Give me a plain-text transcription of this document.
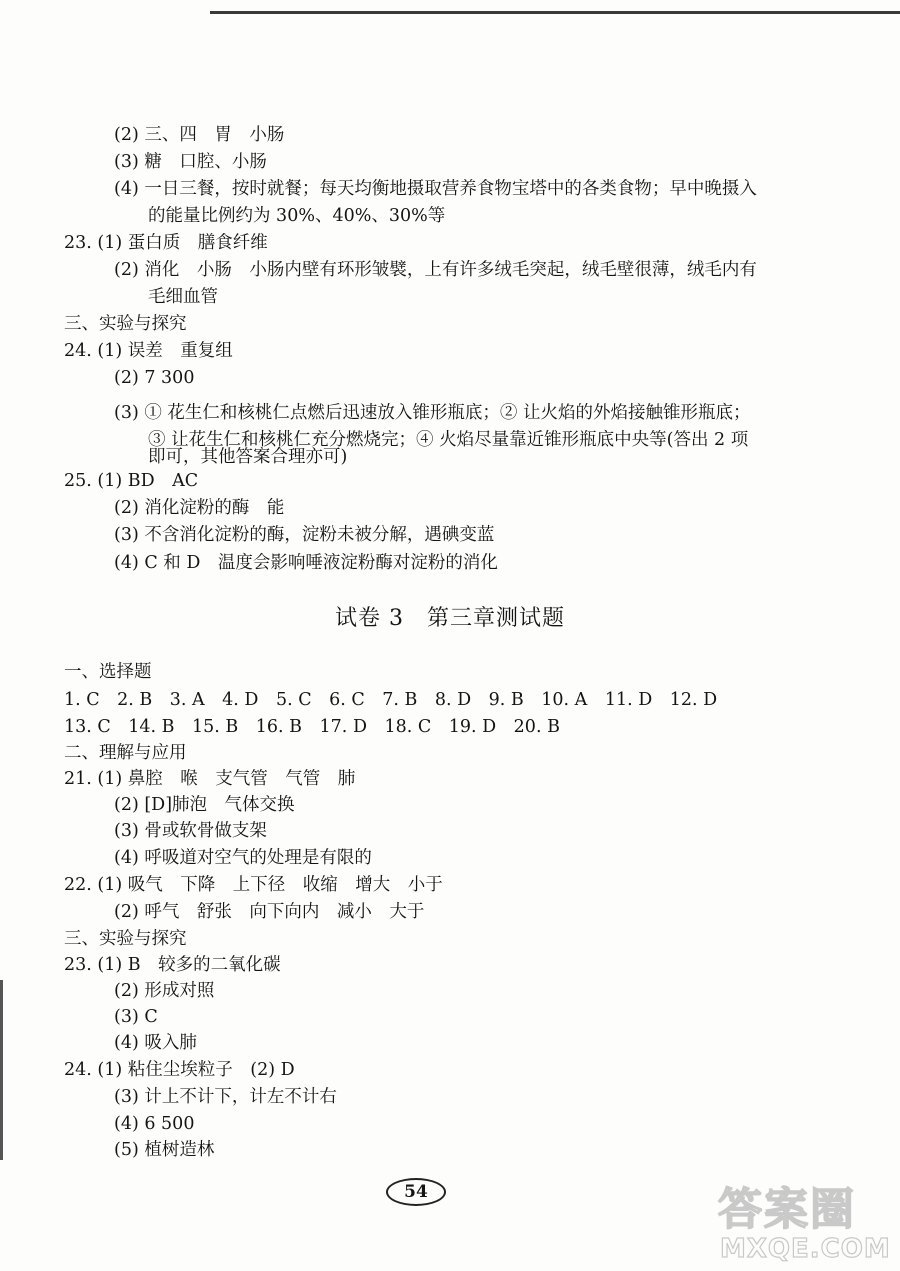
(2) 三、四　胃　小肠
(3) 糖　口腔、小肠
(4) 一日三餐，按时就餐；每天均衡地摄取营养食物宝塔中的各类食物；早中晚摄入
的能量比例约为 30%、40%、30%等
23. (1) 蛋白质　膳食纤维
(2) 消化　小肠　小肠内壁有环形皱襞，上有许多绒毛突起，绒毛壁很薄，绒毛内有
毛细血管
三、实验与探究
24. (1) 误差　重复组
(2) 7 300
(3) ① 花生仁和核桃仁点燃后迅速放入锥形瓶底；② 让火焰的外焰接触锥形瓶底；
③ 让花生仁和核桃仁充分燃烧完；④ 火焰尽量靠近锥形瓶底中央等(答出 2 项
即可，其他答案合理亦可)
25. (1) BD　AC
(2) 消化淀粉的酶　能
(3) 不含消化淀粉的酶，淀粉未被分解，遇碘变蓝
(4) C 和 D　温度会影响唾液淀粉酶对淀粉的消化
试卷 3　第三章测试题
一、选择题
1. C　2. B　3. A　4. D　5. C　6. C　7. B　8. D　9. B　10. A　11. D　12. D
13. C　14. B　15. B　16. B　17. D　18. C　19. D　20. B
二、理解与应用
21. (1) 鼻腔　喉　支气管　气管　肺
(2) [D]肺泡　气体交换
(3) 骨或软骨做支架
(4) 呼吸道对空气的处理是有限的
22. (1) 吸气　下降　上下径　收缩　增大　小于
(2) 呼气　舒张　向下向内　减小　大于
三、实验与探究
23. (1) B　较多的二氧化碳
(2) 形成对照
(3) C
(4) 吸入肺
24. (1) 粘住尘埃粒子　(2) D
(3) 计上不计下，计左不计右
(4) 6 500
(5) 植树造林
54	答案圈
MXQE.COM
